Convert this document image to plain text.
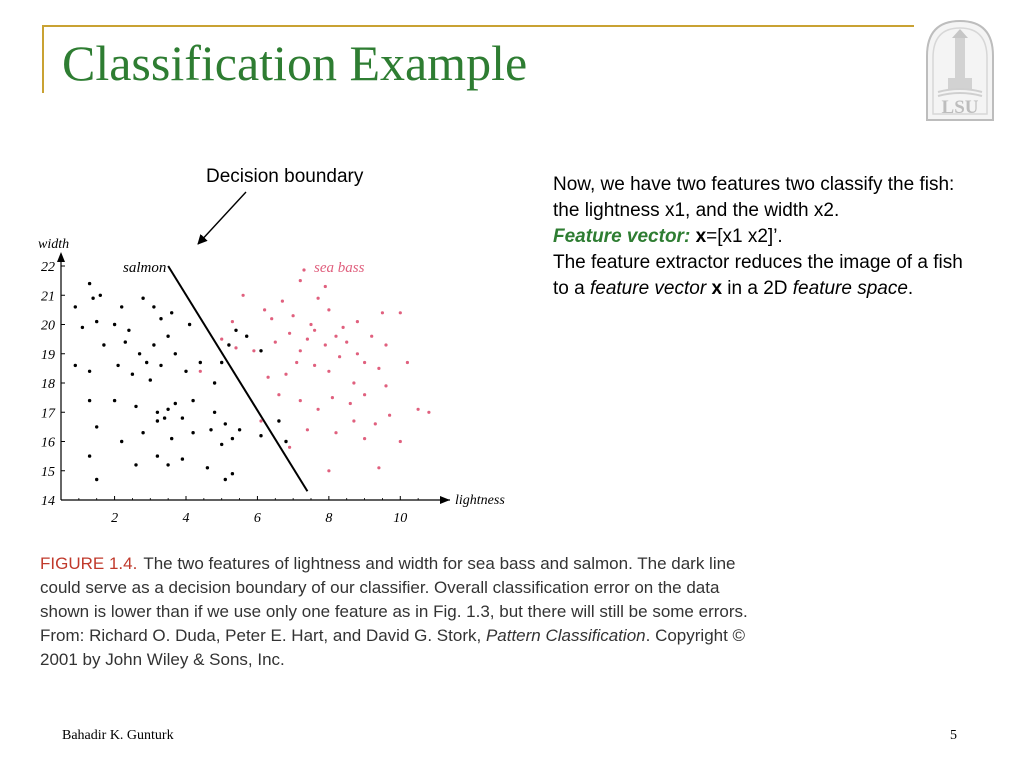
Classification Example
LSU
Decision boundary
2	4	6	8	10
14
15
16
17
18
19
20
21
22
width
lightness
salmon	sea bass

Now, we have two features two classify the fish: the lightness x1, and the width x2.

Feature vector: x=[x1 x2]’.

The feature extractor reduces the image of a fish to a feature vector x in a 2D feature space.

FIGURE 1.4. The two features of lightness and width for sea bass and salmon. The dark line could serve as a decision boundary of our classifier. Overall classification error on the data shown is lower than if we use only one feature as in Fig. 1.3, but there will still be some errors. From: Richard O. Duda, Peter E. Hart, and David G. Stork, Pattern Classification. Copyright © 2001 by John Wiley & Sons, Inc.
Bahadir K. Gunturk	5
